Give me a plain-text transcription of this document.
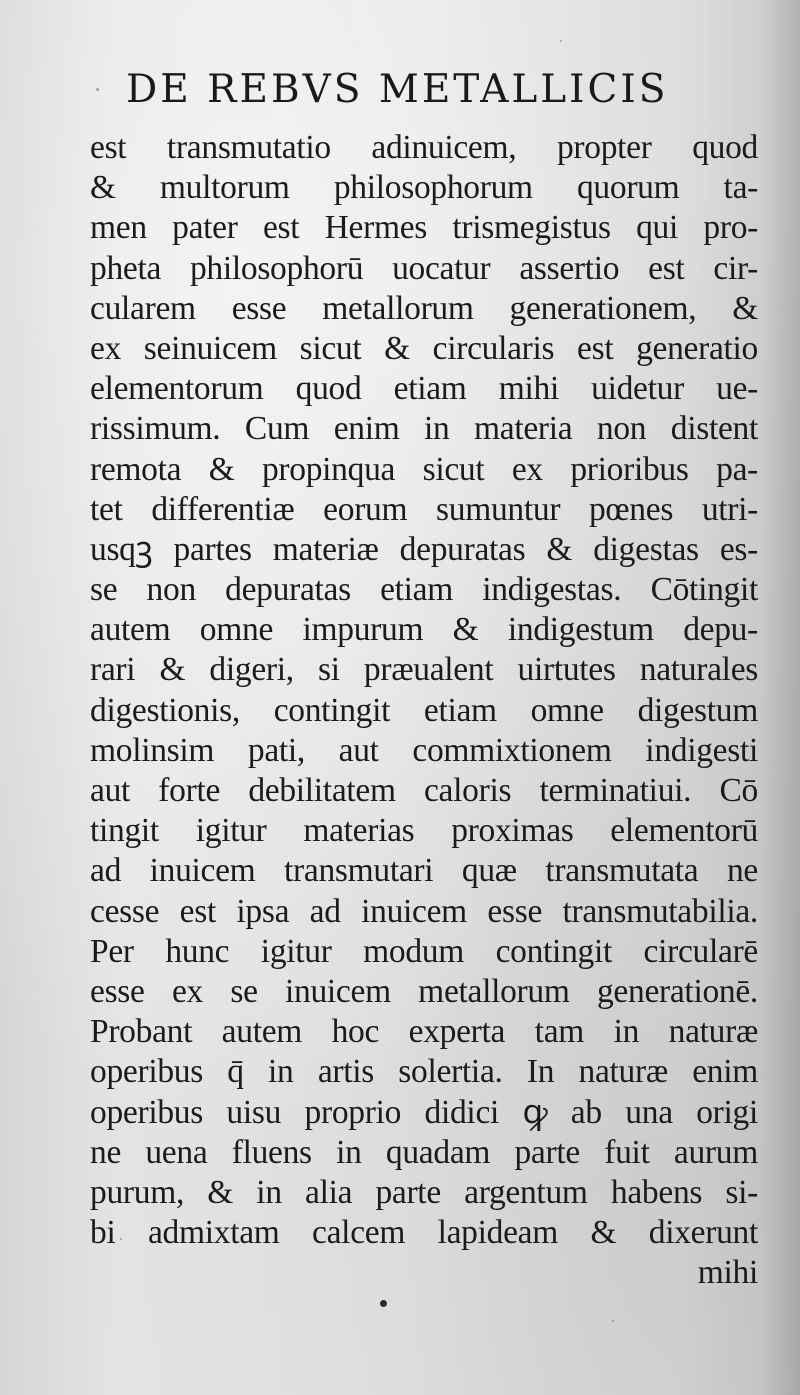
DE REBVS METALLICIS
est transmutatio adinuicem, propter quod
& multorum philosophorum quorum ta-
men pater est Hermes trismegistus qui pro-
pheta philosophorū uocatur assertio est cir-
cularem esse metallorum generationem, &
ex seinuicem sicut & circularis est generatio
elementorum quod etiam mihi uidetur ue-
rissimum. Cum enim in materia non distent
remota & propinqua sicut ex prioribus pa-
tet differentiæ eorum sumuntur pœnes utri-
usqꝫ partes materiæ depuratas & digestas es-
se non depuratas etiam indigestas. Cōtingit
autem omne impurum & indigestum depu-
rari & digeri, si præualent uirtutes naturales
digestionis, contingit etiam omne digestum
molinsim pati, aut commixtionem indigesti
aut forte debilitatem caloris terminatiui. Cō
tingit igitur materias proximas elementorū
ad inuicem transmutari quæ transmutata ne
cesse est ipsa ad inuicem esse transmutabilia.
Per hunc igitur modum contingit circularē
esse ex se inuicem metallorum generationē.
Probant autem hoc experta tam in naturæ
operibus q̄ in artis solertia. In naturæ enim
operibus uisu proprio didici ꝙ ab una origi
ne uena fluens in quadam parte fuit aurum
purum, & in alia parte argentum habens si-
bi admixtam calcem lapideam & dixerunt
mihi
